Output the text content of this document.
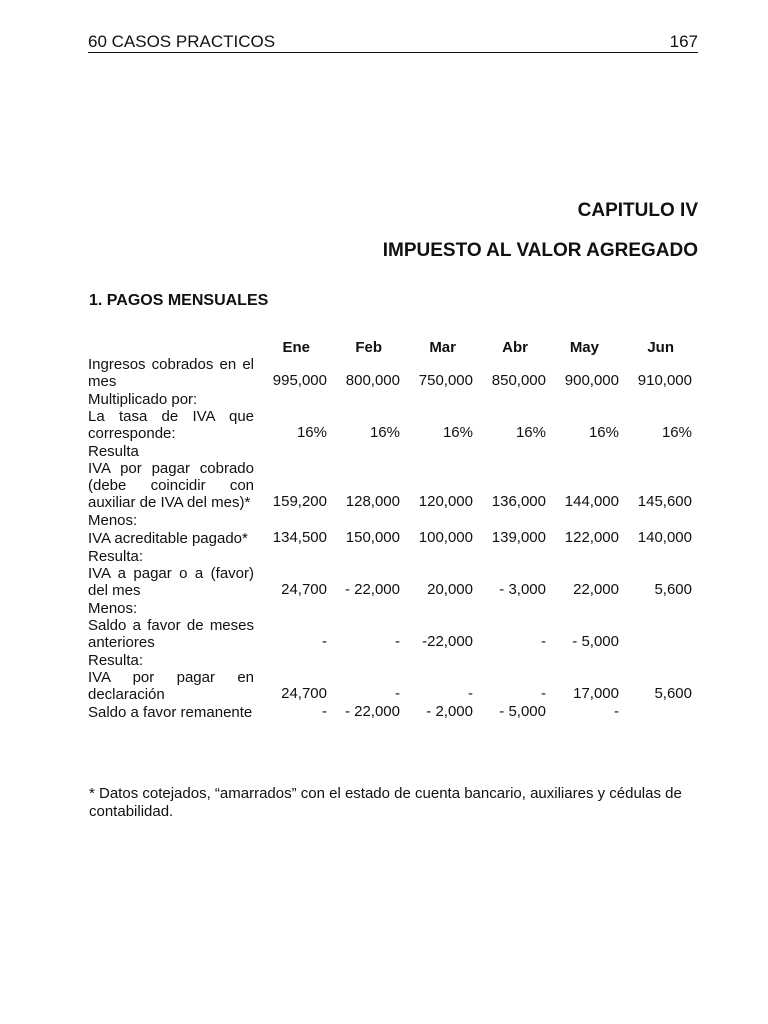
60 CASOS PRACTICOS	167
CAPITULO IV
IMPUESTO AL VALOR AGREGADO
1. PAGOS MENSUALES
	Ene	Feb	Mar	Abr	May	Jun
Ingresos cobrados en el mes	995,000	800,000	750,000	850,000	900,000	910,000
Multiplicado por:						
La tasa de IVA que corresponde:	16%	16%	16%	16%	16%	16%
Resulta						
IVA por pagar cobrado (debe coincidir con auxiliar de IVA del mes)*	159,200	128,000	120,000	136,000	144,000	145,600
Menos:						
IVA acreditable pagado*	134,500	150,000	100,000	139,000	122,000	140,000
Resulta:						
IVA a pagar o a (favor) del mes	24,700	- 22,000	20,000	- 3,000	22,000	5,600
Menos:						
Saldo a favor de meses anteriores	-	-	-22,000	-	- 5,000	
Resulta:						
IVA por pagar en declaración	24,700	-	-	-	17,000	5,600
Saldo a favor remanente	-	- 22,000	- 2,000	- 5,000	-	
* Datos cotejados, “amarrados” con el estado de cuenta bancario, auxiliares y cédulas de contabilidad.
